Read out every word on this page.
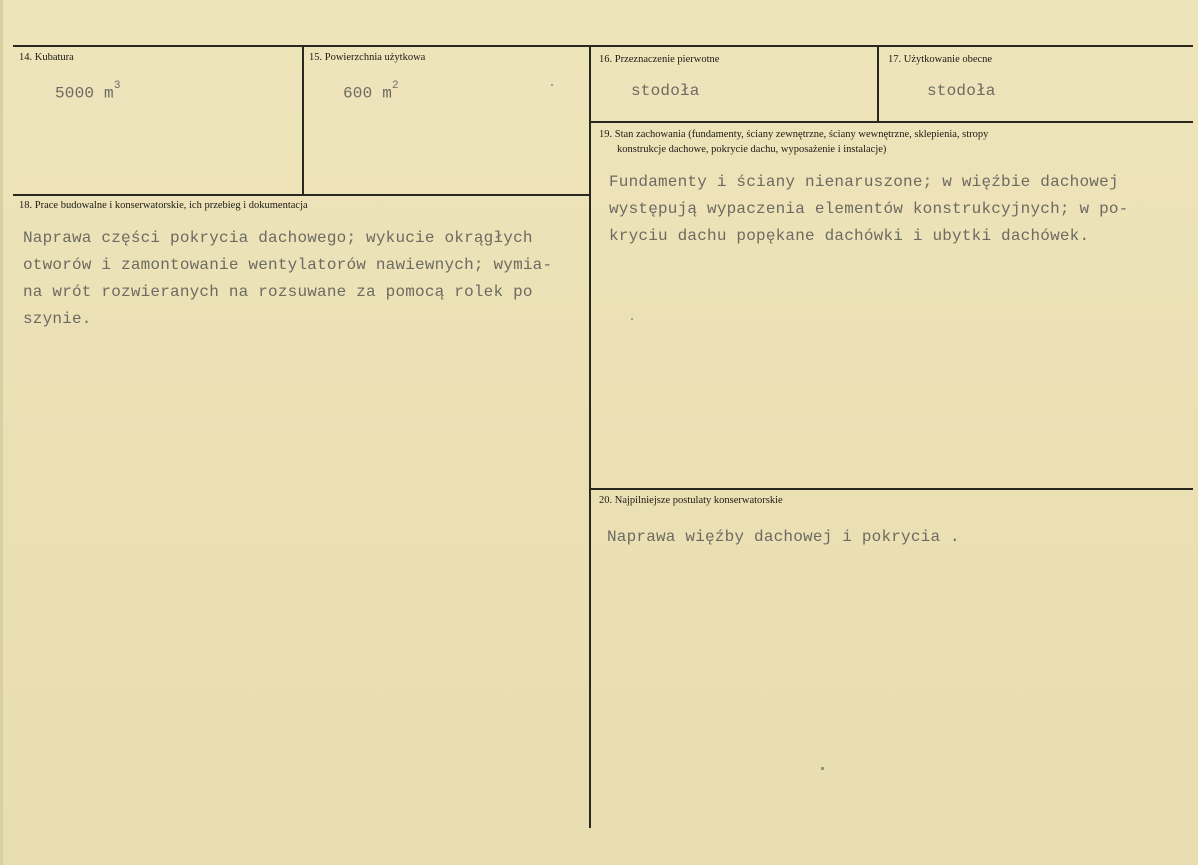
14. Kubatura
5000 $m^3$
15. Powierzchnia użytkowa
600 $m^2$
16. Przeznaczenie pierwotne
stodoła
17. Użytkowanie obecne
stodoła
19. Stan zachowania (fundamenty, ściany zewnętrzne, ściany wewnętrzne, sklepienia, stropy
konstrukcje dachowe, pokrycie dachu, wyposażenie i instalacje)
Fundamenty i ściany nienaruszone; w więźbie dachowej
występują wypaczenia elementów konstrukcyjnych; w po-
kryciu dachu popękane dachówki i ubytki dachówek.
18. Prace budowalne i konserwatorskie, ich przebieg i dokumentacja
Naprawa części pokrycia dachowego; wykucie okrągłych
otworów i zamontowanie wentylatorów nawiewnych; wymia-
na wrót rozwieranych na rozsuwane za pomocą rolek po
szynie.
20. Najpilniejsze postulaty konserwatorskie
Naprawa więźby dachowej i pokrycia .
